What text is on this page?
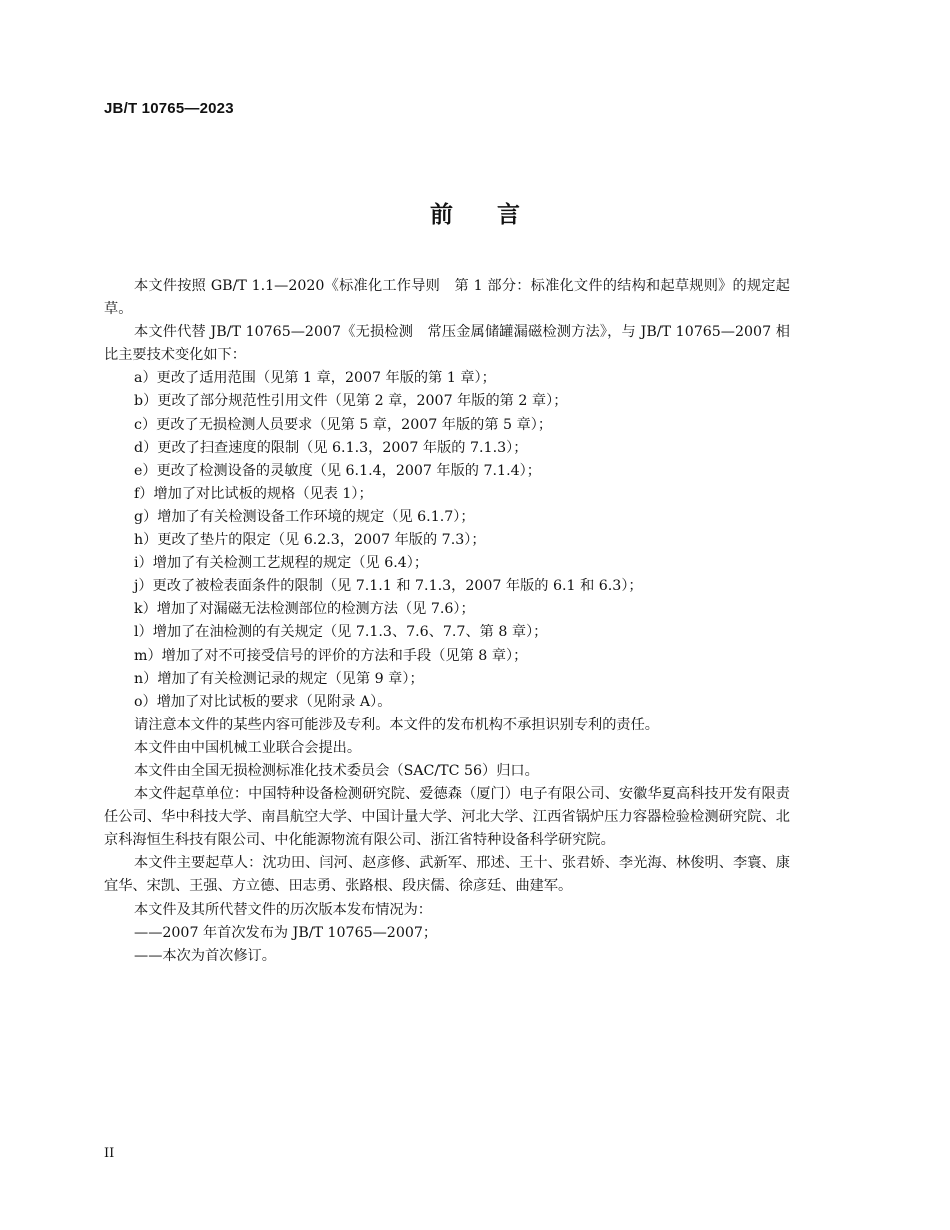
JB/T 10765—2023
前 言

本文件按照 GB/T 1.1—2020《标准化工作导则　第 1 部分：标准化文件的结构和起草规则》的规定起草。

本文件代替 JB/T 10765—2007《无损检测　常压金属储罐漏磁检测方法》，与 JB/T 10765—2007 相比主要技术变化如下：

a）更改了适用范围（见第 1 章，2007 年版的第 1 章）；

b）更改了部分规范性引用文件（见第 2 章，2007 年版的第 2 章）；

c）更改了无损检测人员要求（见第 5 章，2007 年版的第 5 章）；

d）更改了扫查速度的限制（见 6.1.3，2007 年版的 7.1.3）；

e）更改了检测设备的灵敏度（见 6.1.4，2007 年版的 7.1.4）；

f）增加了对比试板的规格（见表 1）；

g）增加了有关检测设备工作环境的规定（见 6.1.7）；

h）更改了垫片的限定（见 6.2.3，2007 年版的 7.3）；

i）增加了有关检测工艺规程的规定（见 6.4）；

j）更改了被检表面条件的限制（见 7.1.1 和 7.1.3，2007 年版的 6.1 和 6.3）；

k）增加了对漏磁无法检测部位的检测方法（见 7.6）；

l）增加了在油检测的有关规定（见 7.1.3、7.6、7.7、第 8 章）；

m）增加了对不可接受信号的评价的方法和手段（见第 8 章）；

n）增加了有关检测记录的规定（见第 9 章）；

o）增加了对比试板的要求（见附录 A）。

请注意本文件的某些内容可能涉及专利。本文件的发布机构不承担识别专利的责任。

本文件由中国机械工业联合会提出。

本文件由全国无损检测标准化技术委员会（SAC/TC 56）归口。

本文件起草单位：中国特种设备检测研究院、爱德森（厦门）电子有限公司、安徽华夏高科技开发有限责任公司、华中科技大学、南昌航空大学、中国计量大学、河北大学、江西省锅炉压力容器检验检测研究院、北京科海恒生科技有限公司、中化能源物流有限公司、浙江省特种设备科学研究院。

本文件主要起草人：沈功田、闫河、赵彦修、武新军、邢述、王十、张君娇、李光海、林俊明、李寰、康宜华、宋凯、王强、方立德、田志勇、张路根、段庆儒、徐彦廷、曲建军。

本文件及其所代替文件的历次版本发布情况为：

——2007 年首次发布为 JB/T 10765—2007；

——本次为首次修订。

II
